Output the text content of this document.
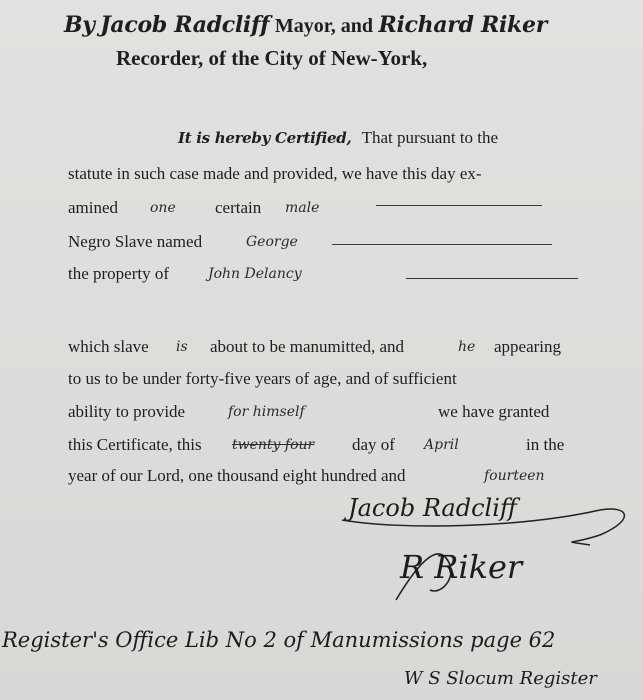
By Jacob Radcliff Mayor, and Richard Riker
Recorder, of the City of New-York,
It is hereby Certified, That pursuant to the
statute in such case made and provided, we have this day ex-
amined one certain male
Negro Slave named	George
the property of	John Delancy
which slave is about to be manumitted, and	he appearing
to us to be under forty-five years of age, and of sufficient
ability to provide	for himself	we have granted
this Certificate, this twenty four day of April	in the
year of our Lord, one thousand eight hundred and	fourteen
Jacob Radcliff
R Riker
Register's Office Lib No 2 of Manumissions page 62
W S Slocum Register
